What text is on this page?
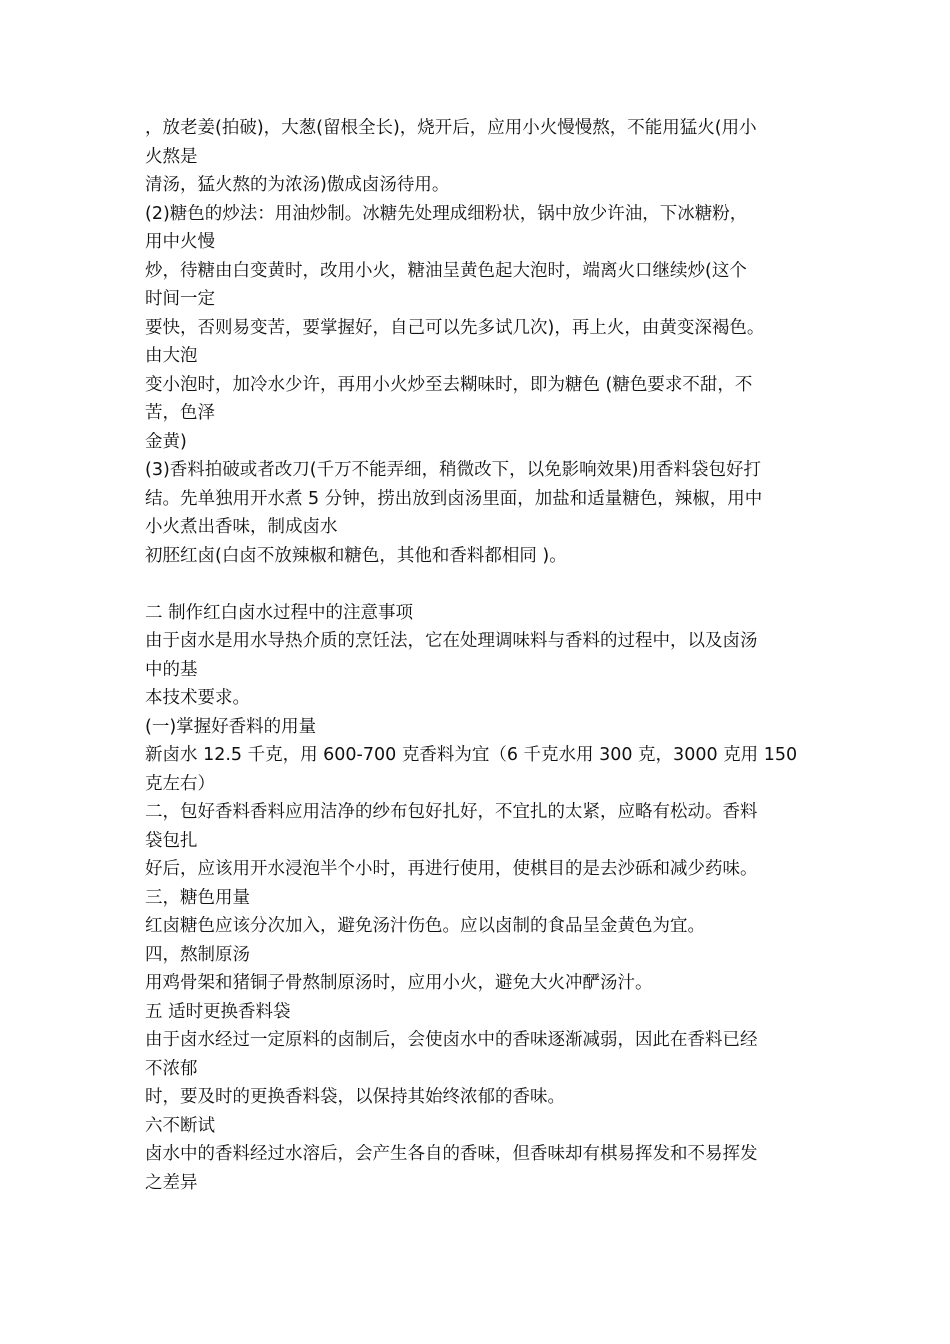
，放老姜(拍破)，大葱(留根全长)，烧开后，应用小火慢慢熬，不能用猛火(用小
火熬是
清汤，猛火熬的为浓汤)傲成卤汤待用。
(2)糖色的炒法：用油炒制。冰糖先处理成细粉状，锅中放少许油，下冰糖粉，
用中火慢
炒，待糖由白变黄时，改用小火，糖油呈黄色起大泡时，端离火口继续炒(这个
时间一定
要快，否则易变苦，要掌握好，自己可以先多试几次)，再上火，由黄变深褐色。
由大泡
变小泡时，加冷水少许，再用小火炒至去糊味时，即为糖色 (糖色要求不甜，不
苦，色泽
金黄)
(3)香料拍破或者改刀(千万不能弄细，稍微改下，以免影响效果)用香料袋包好打
结。先单独用开水煮 5 分钟，捞出放到卤汤里面，加盐和适量糖色，辣椒，用中
小火煮出香味，制成卤水
初胚红卤(白卤不放辣椒和糖色，其他和香料都相同 )。
二 制作红白卤水过程中的注意事项
由于卤水是用水导热介质的烹饪法，它在处理调味料与香料的过程中，以及卤汤
中的基
本技术要求。
(一)掌握好香料的用量
新卤水 12.5 千克，用 600-700 克香料为宜（6 千克水用 300 克，3000 克用 150
克左右）
二，包好香料香料应用洁净的纱布包好扎好，不宜扎的太紧，应略有松动。香料
袋包扎
好后，应该用开水浸泡半个小时，再进行使用，使棋目的是去沙砾和减少药味。
三，糖色用量
红卤糖色应该分次加入，避免汤汁伤色。应以卤制的食品呈金黄色为宜。
四，熬制原汤
用鸡骨架和猪铜子骨熬制原汤时，应用小火，避免大火冲酽汤汁。
五 适时更换香料袋
由于卤水经过一定原料的卤制后，会使卤水中的香味逐渐减弱，因此在香料已经
不浓郁
时，要及时的更换香料袋，以保持其始终浓郁的香味。
六不断试
卤水中的香料经过水溶后，会产生各自的香味，但香味却有棋易挥发和不易挥发
之差异
